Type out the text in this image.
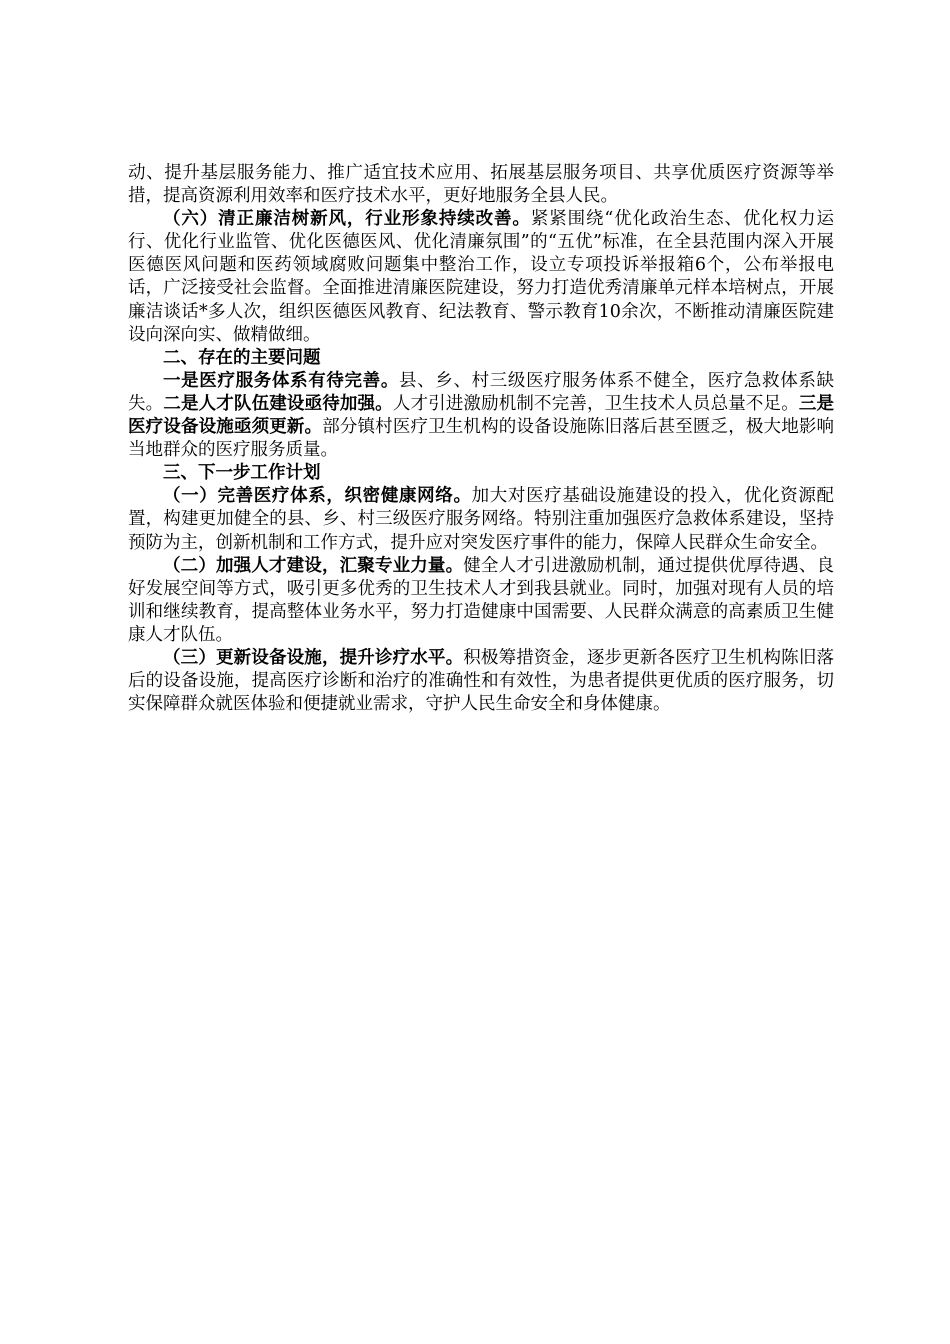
动、提升基层服务能力、推广适宜技术应用、拓展基层服务项目、共享优质医疗资源等举措，提高资源利用效率和医疗技术水平，更好地服务全县人民。

（六）清正廉洁树新风，行业形象持续改善。紧紧围绕“优化政治生态、优化权力运行、优化行业监管、优化医德医风、优化清廉氛围”的“五优”标准，在全县范围内深入开展医德医风问题和医药领域腐败问题集中整治工作，设立专项投诉举报箱6个，公布举报电话，广泛接受社会监督。全面推进清廉医院建设，努力打造优秀清廉单元样本培树点，开展廉洁谈话*多人次，组织医德医风教育、纪法教育、警示教育10余次，不断推动清廉医院建设向深向实、做精做细。

二、存在的主要问题

一是医疗服务体系有待完善。县、乡、村三级医疗服务体系不健全，医疗急救体系缺失。二是人才队伍建设亟待加强。人才引进激励机制不完善，卫生技术人员总量不足。三是医疗设备设施亟须更新。部分镇村医疗卫生机构的设备设施陈旧落后甚至匮乏，极大地影响当地群众的医疗服务质量。

三、下一步工作计划

（一）完善医疗体系，织密健康网络。加大对医疗基础设施建设的投入，优化资源配置，构建更加健全的县、乡、村三级医疗服务网络。特别注重加强医疗急救体系建设，坚持预防为主，创新机制和工作方式，提升应对突发医疗事件的能力，保障人民群众生命安全。

（二）加强人才建设，汇聚专业力量。健全人才引进激励机制，通过提供优厚待遇、良好发展空间等方式，吸引更多优秀的卫生技术人才到我县就业。同时，加强对现有人员的培训和继续教育，提高整体业务水平，努力打造健康中国需要、人民群众满意的高素质卫生健康人才队伍。

（三）更新设备设施，提升诊疗水平。积极筹措资金，逐步更新各医疗卫生机构陈旧落后的设备设施，提高医疗诊断和治疗的准确性和有效性，为患者提供更优质的医疗服务，切实保障群众就医体验和便捷就业需求，守护人民生命安全和身体健康。
